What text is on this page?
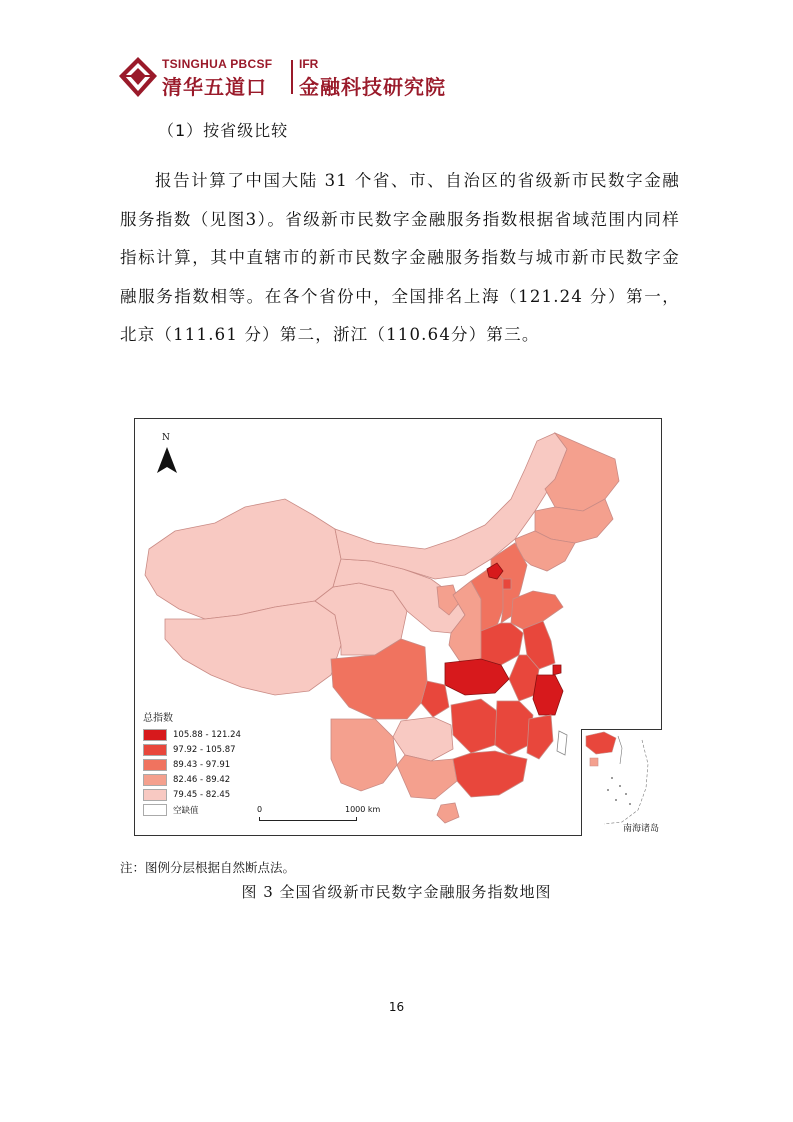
TSINGHUA PBCSF
清华五道口
IFR
金融科技研究院
（1）按省级比较
报告计算了中国大陆 31 个省、市、自治区的省级新市民数字金融服务指数（见图3）。省级新市民数字金融服务指数根据省域范围内同样指标计算，其中直辖市的新市民数字金融服务指数与城市新市民数字金融服务指数相等。在各个省份中，全国排名上海（121.24 分）第一，北京（111.61 分）第二，浙江（110.64分）第三。
N
总指数
105.88 - 121.24
97.92 - 105.87
89.43 - 97.91
82.46 - 89.42
79.45 - 82.45
空缺值	0	1000 km
南海诸岛
注：图例分层根据自然断点法。
图 3 全国省级新市民数字金融服务指数地图
16
